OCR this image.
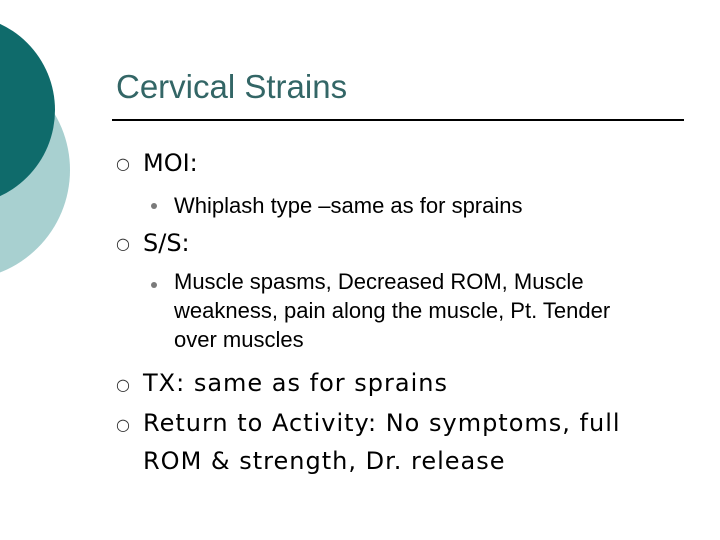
Cervical Strains
○ MOI:
Whiplash type –same as for sprains
○ S/S:
Muscle spasms, Decreased ROM, Muscle weakness, pain along the muscle, Pt. Tender over muscles
○ TX: same as for sprains
○ Return to Activity: No symptoms, full ROM & strength, Dr. release
